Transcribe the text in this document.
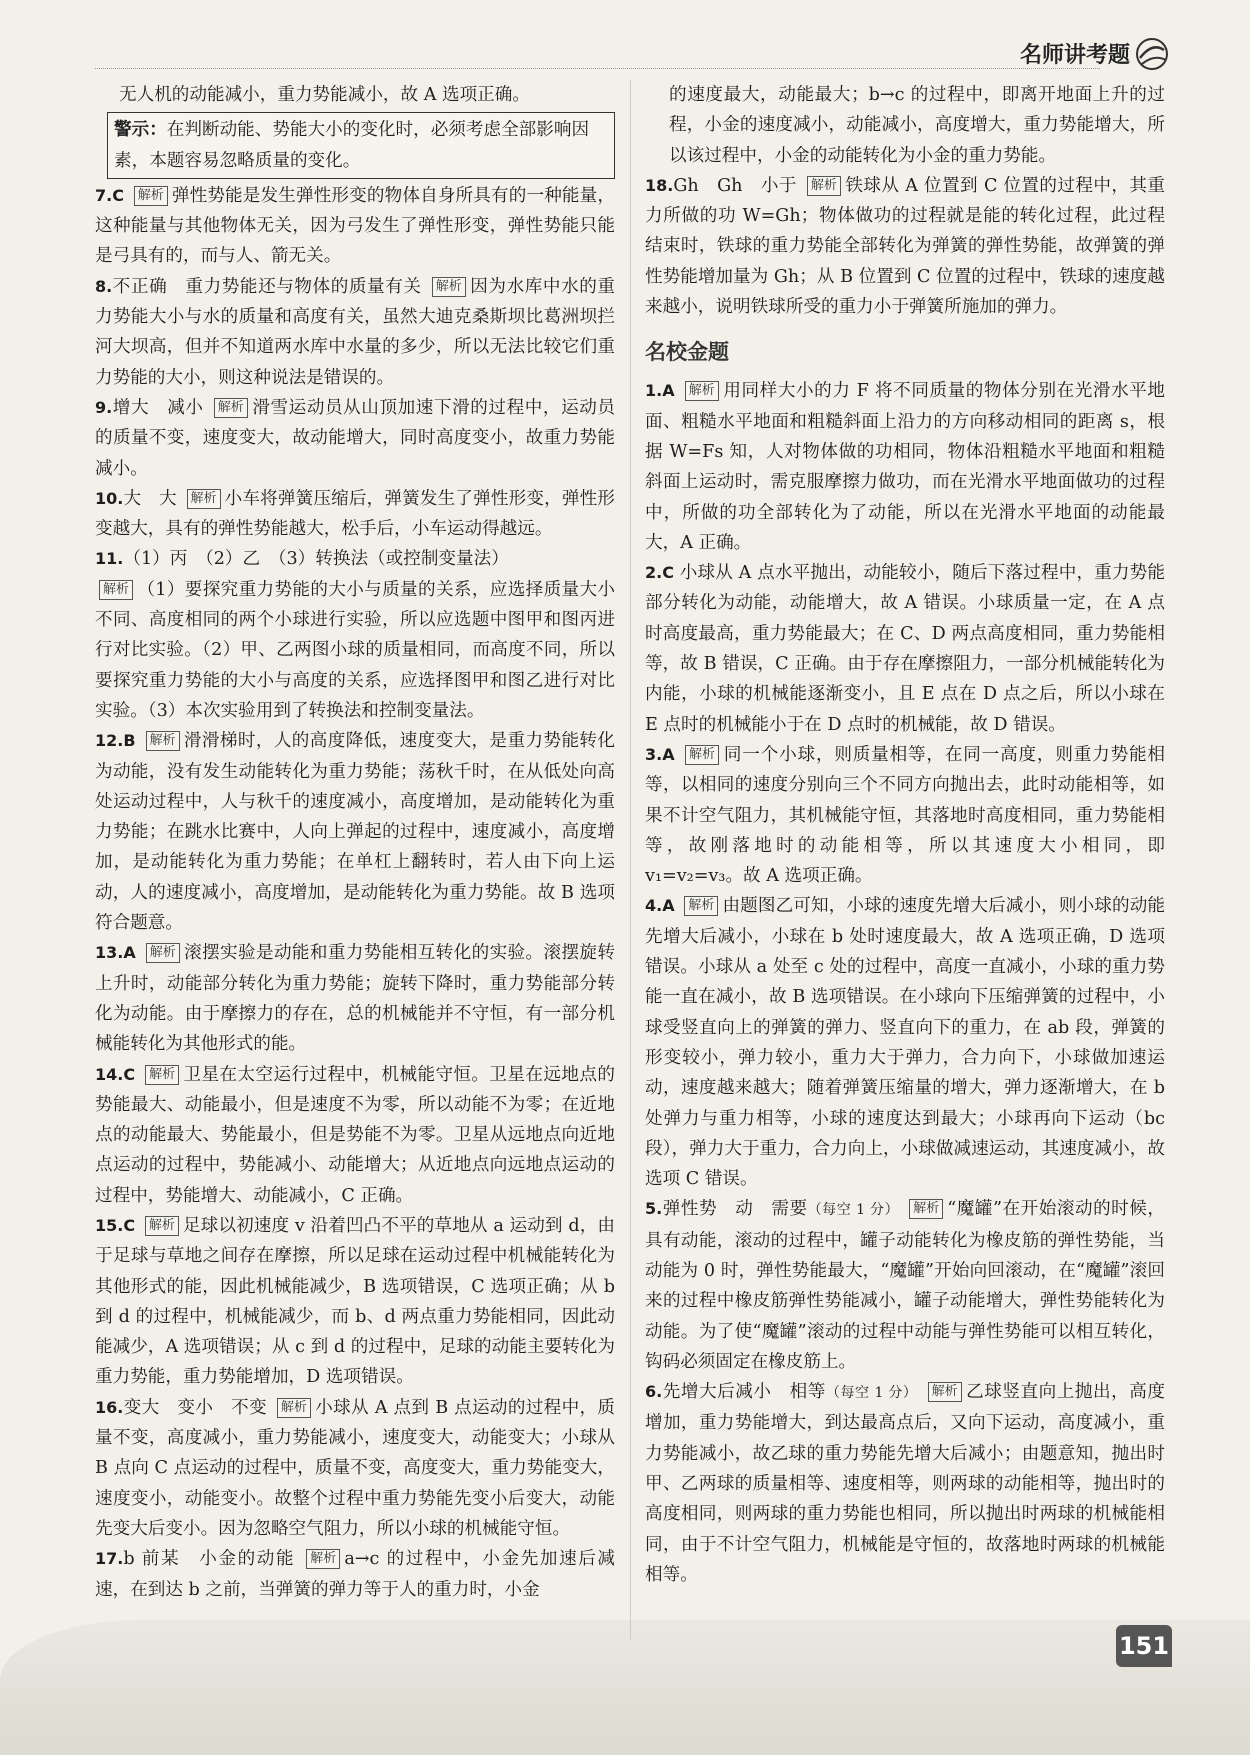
名师讲考题

无人机的动能减小，重力势能减小，故 A 选项正确。

警示：在判断动能、势能大小的变化时，必须考虑全部影响因素，本题容易忽略质量的变化。

7.C 解析 弹性势能是发生弹性形变的物体自身所具有的一种能量，这种能量与其他物体无关，因为弓发生了弹性形变，弹性势能只能是弓具有的，而与人、箭无关。

8.不正确　重力势能还与物体的质量有关 解析 因为水库中水的重力势能大小与水的质量和高度有关，虽然大迪克桑斯坝比葛洲坝拦河大坝高，但并不知道两水库中水量的多少，所以无法比较它们重力势能的大小，则这种说法是错误的。

9.增大　减小 解析 滑雪运动员从山顶加速下滑的过程中，运动员的质量不变，速度变大，故动能增大，同时高度变小，故重力势能减小。

10.大　大 解析 小车将弹簧压缩后，弹簧发生了弹性形变，弹性形变越大，具有的弹性势能越大，松手后，小车运动得越远。

11.（1）丙　（2）乙　（3）转换法（或控制变量法）
解析 （1）要探究重力势能的大小与质量的关系，应选择质量大小不同、高度相同的两个小球进行实验，所以应选题中图甲和图丙进行对比实验。（2）甲、乙两图小球的质量相同，而高度不同，所以要探究重力势能的大小与高度的关系，应选择图甲和图乙进行对比实验。（3）本次实验用到了转换法和控制变量法。

12.B 解析 滑滑梯时，人的高度降低，速度变大，是重力势能转化为动能，没有发生动能转化为重力势能；荡秋千时，在从低处向高处运动过程中，人与秋千的速度减小，高度增加，是动能转化为重力势能；在跳水比赛中，人向上弹起的过程中，速度减小，高度增加，是动能转化为重力势能；在单杠上翻转时，若人由下向上运动，人的速度减小，高度增加，是动能转化为重力势能。故 B 选项符合题意。

13.A 解析 滚摆实验是动能和重力势能相互转化的实验。滚摆旋转上升时，动能部分转化为重力势能；旋转下降时，重力势能部分转化为动能。由于摩擦力的存在，总的机械能并不守恒，有一部分机械能转化为其他形式的能。

14.C 解析 卫星在太空运行过程中，机械能守恒。卫星在远地点的势能最大、动能最小，但是速度不为零，所以动能不为零；在近地点的动能最大、势能最小，但是势能不为零。卫星从远地点向近地点运动的过程中，势能减小、动能增大；从近地点向远地点运动的过程中，势能增大、动能减小，C 正确。

15.C 解析 足球以初速度 v 沿着凹凸不平的草地从 a 运动到 d，由于足球与草地之间存在摩擦，所以足球在运动过程中机械能转化为其他形式的能，因此机械能减少，B 选项错误，C 选项正确；从 b 到 d 的过程中，机械能减少，而 b、d 两点重力势能相同，因此动能减少，A 选项错误；从 c 到 d 的过程中，足球的动能主要转化为重力势能，重力势能增加，D 选项错误。

16.变大　变小　不变 解析 小球从 A 点到 B 点运动的过程中，质量不变，高度减小，重力势能减小，速度变大，动能变大；小球从 B 点向 C 点运动的过程中，质量不变，高度变大，重力势能变大，速度变小，动能变小。故整个过程中重力势能先变小后变大，动能先变大后变小。因为忽略空气阻力，所以小球的机械能守恒。

17.b 前某　小金的动能 解析 a→c 的过程中，小金先加速后减速，在到达 b 之前，当弹簧的弹力等于人的重力时，小金

的速度最大，动能最大；b→c 的过程中，即离开地面上升的过程，小金的速度减小，动能减小，高度增大，重力势能增大，所以该过程中，小金的动能转化为小金的重力势能。

18.Gh　Gh　小于 解析 铁球从 A 位置到 C 位置的过程中，其重力所做的功 W=Gh；物体做功的过程就是能的转化过程，此过程结束时，铁球的重力势能全部转化为弹簧的弹性势能，故弹簧的弹性势能增加量为 Gh；从 B 位置到 C 位置的过程中，铁球的速度越来越小，说明铁球所受的重力小于弹簧所施加的弹力。

名校金题

1.A 解析 用同样大小的力 F 将不同质量的物体分别在光滑水平地面、粗糙水平地面和粗糙斜面上沿力的方向移动相同的距离 s，根据 W=Fs 知，人对物体做的功相同，物体沿粗糙水平地面和粗糙斜面上运动时，需克服摩擦力做功，而在光滑水平地面做功的过程中，所做的功全部转化为了动能，所以在光滑水平地面的动能最大，A 正确。

2.C 小球从 A 点水平抛出，动能较小，随后下落过程中，重力势能部分转化为动能，动能增大，故 A 错误。小球质量一定，在 A 点时高度最高，重力势能最大；在 C、D 两点高度相同，重力势能相等，故 B 错误，C 正确。由于存在摩擦阻力，一部分机械能转化为内能，小球的机械能逐渐变小，且 E 点在 D 点之后，所以小球在 E 点时的机械能小于在 D 点时的机械能，故 D 错误。

3.A 解析 同一个小球，则质量相等，在同一高度，则重力势能相等，以相同的速度分别向三个不同方向抛出去，此时动能相等，如果不计空气阻力，其机械能守恒，其落地时高度相同，重力势能相等，故刚落地时的动能相等，所以其速度大小相同，即 v₁=v₂=v₃。故 A 选项正确。

4.A 解析 由题图乙可知，小球的速度先增大后减小，则小球的动能先增大后减小，小球在 b 处时速度最大，故 A 选项正确，D 选项错误。小球从 a 处至 c 处的过程中，高度一直减小，小球的重力势能一直在减小，故 B 选项错误。在小球向下压缩弹簧的过程中，小球受竖直向上的弹簧的弹力、竖直向下的重力，在 ab 段，弹簧的形变较小，弹力较小，重力大于弹力，合力向下，小球做加速运动，速度越来越大；随着弹簧压缩量的增大，弹力逐渐增大，在 b 处弹力与重力相等，小球的速度达到最大；小球再向下运动（bc 段），弹力大于重力，合力向上，小球做减速运动，其速度减小，故选项 C 错误。

5.弹性势　动　需要（每空 1 分） 解析 “魔罐”在开始滚动的时候，具有动能，滚动的过程中，罐子动能转化为橡皮筋的弹性势能，当动能为 0 时，弹性势能最大，“魔罐”开始向回滚动，在“魔罐”滚回来的过程中橡皮筋弹性势能减小，罐子动能增大，弹性势能转化为动能。为了使“魔罐”滚动的过程中动能与弹性势能可以相互转化，钩码必须固定在橡皮筋上。

6.先增大后减小　相等（每空 1 分） 解析 乙球竖直向上抛出，高度增加，重力势能增大，到达最高点后，又向下运动，高度减小，重力势能减小，故乙球的重力势能先增大后减小；由题意知，抛出时甲、乙两球的质量相等、速度相等，则两球的动能相等，抛出时的高度相同，则两球的重力势能也相同，所以抛出时两球的机械能相同，由于不计空气阻力，机械能是守恒的，故落地时两球的机械能相等。

151
